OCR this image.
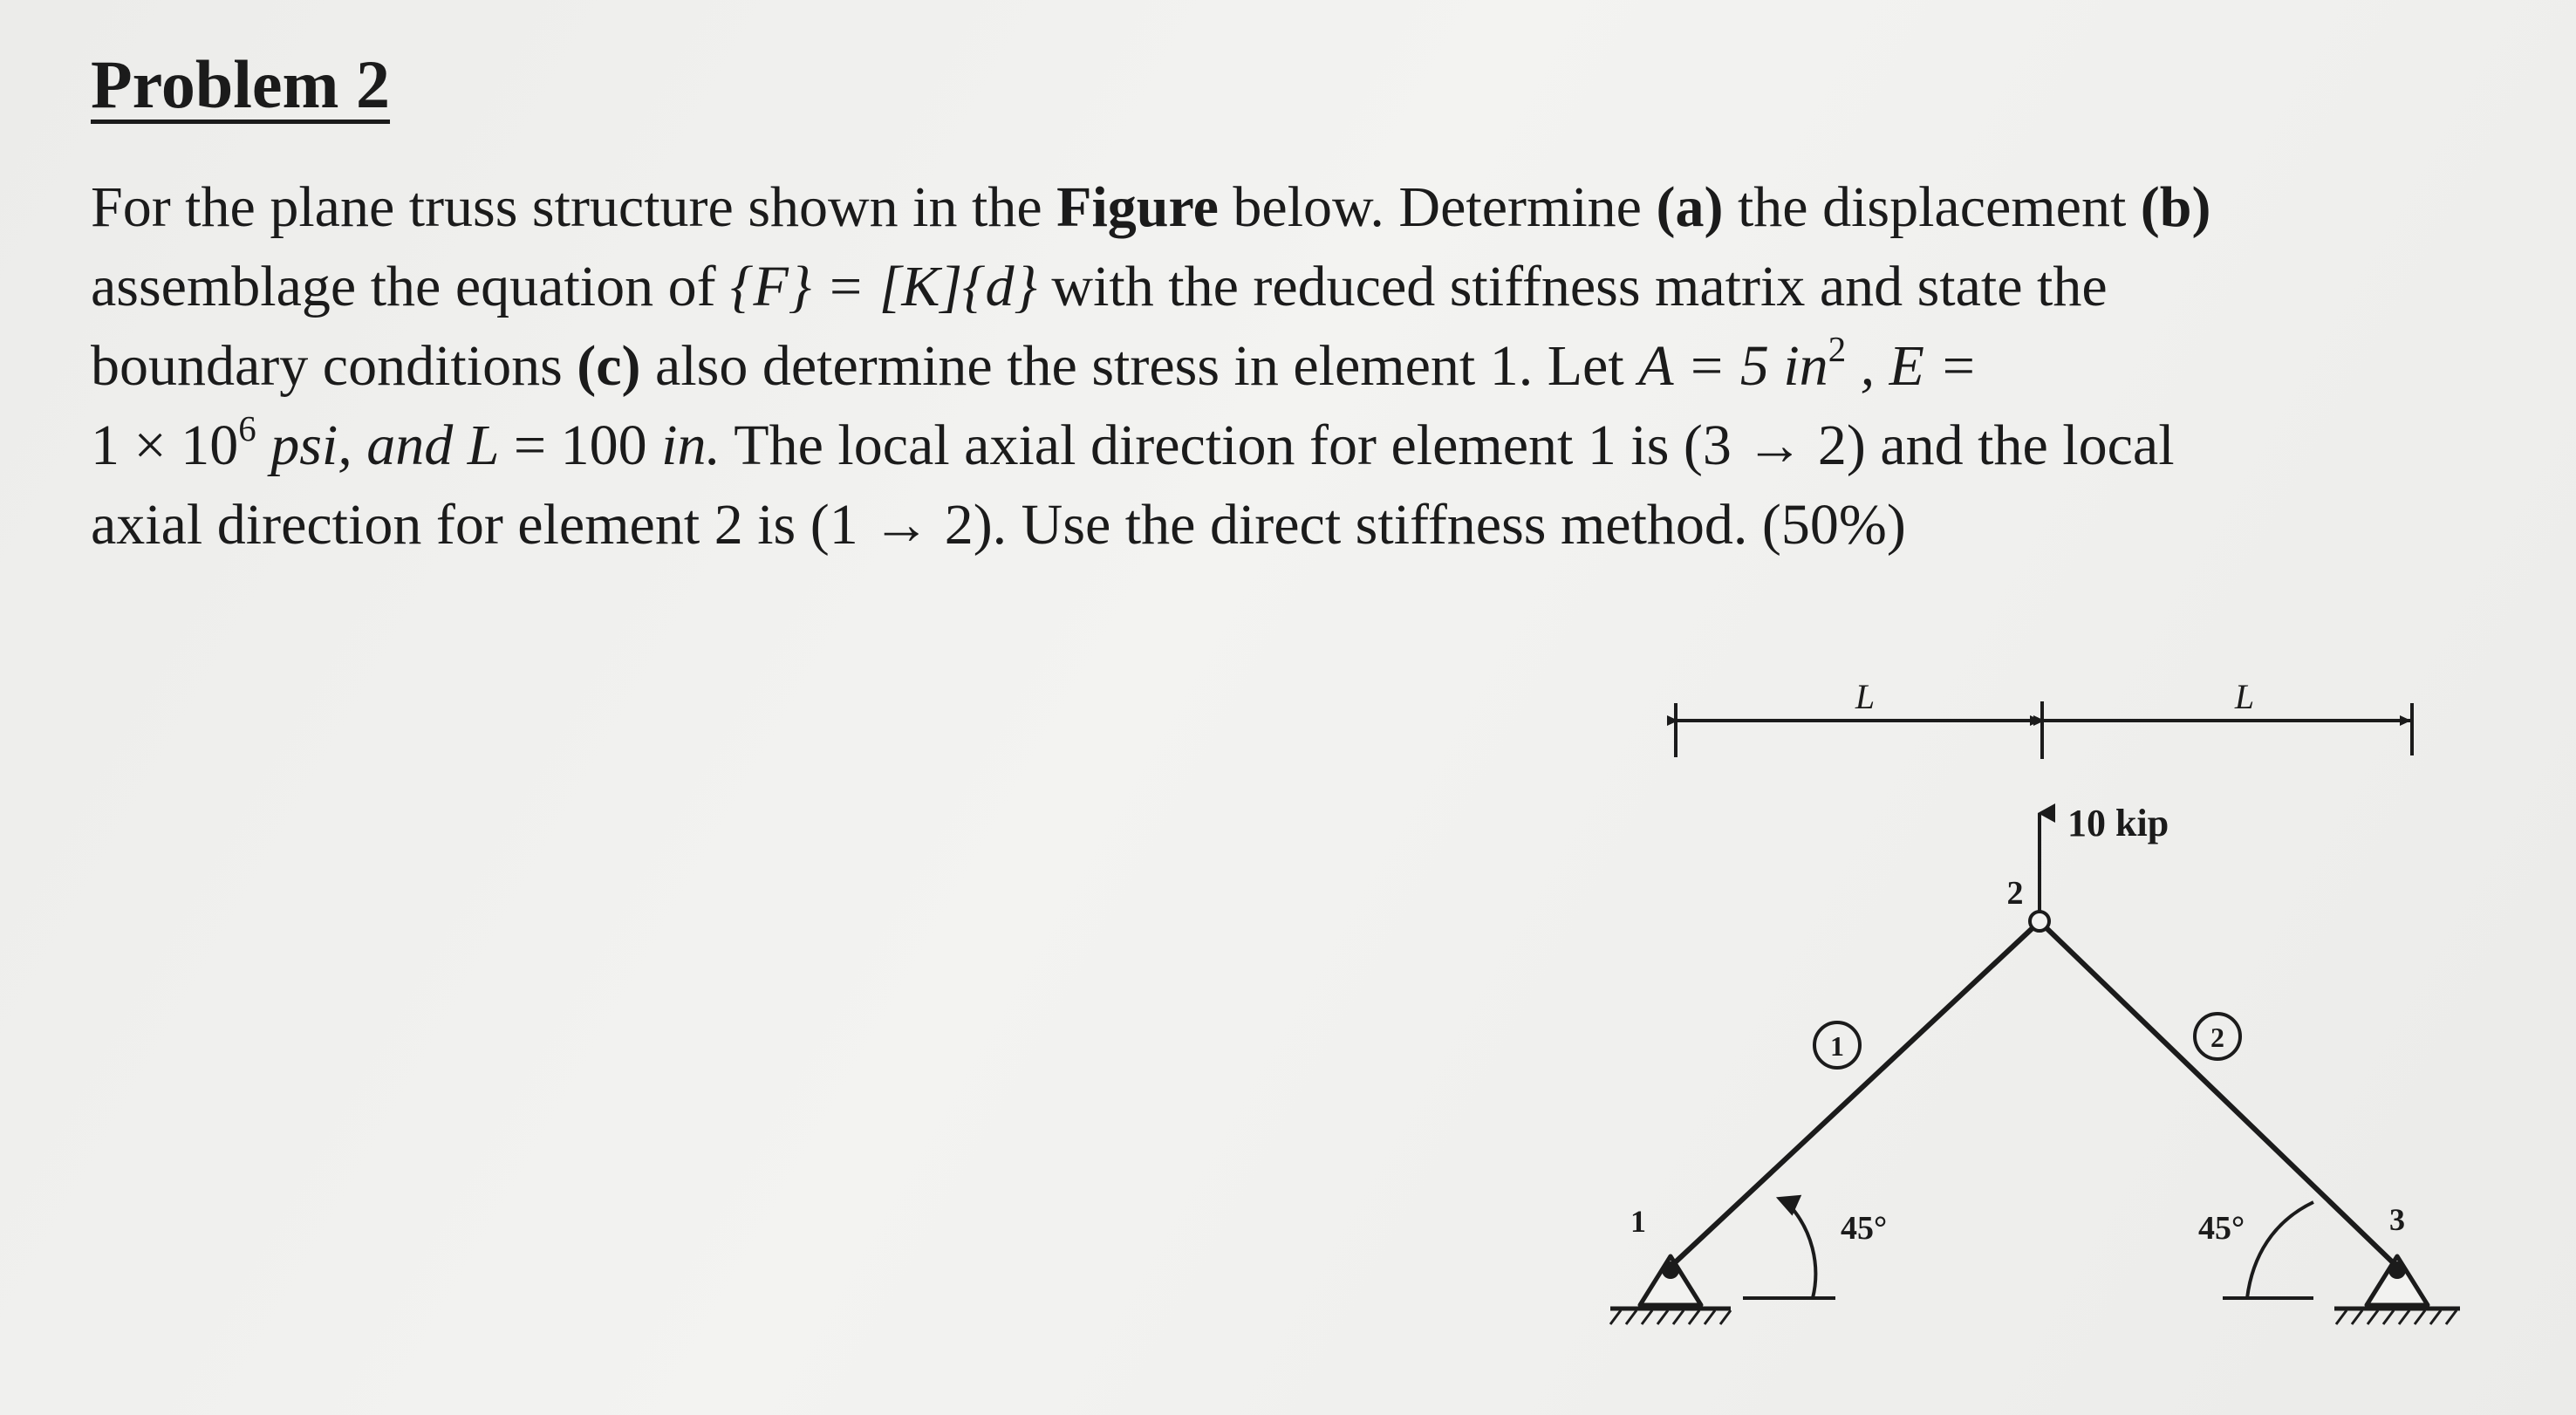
Problem 2
For the plane truss structure shown in the Figure below. Determine (a) the displacement (b)
assemblage the equation of {F} = [K]{d} with the reduced stiffness matrix and state the
boundary conditions (c) also determine the stress in element 1. Let A = 5 $in^2$ , E =
$1 \times 10^6$ psi, and L = 100 in. The local axial direction for element 1 is (3 → 2) and the local
axial direction for element 2 is (1 → 2). Use the direct stiffness method. (50%)
L	L
10 kip
2
1	2
1	3
45°	45°
